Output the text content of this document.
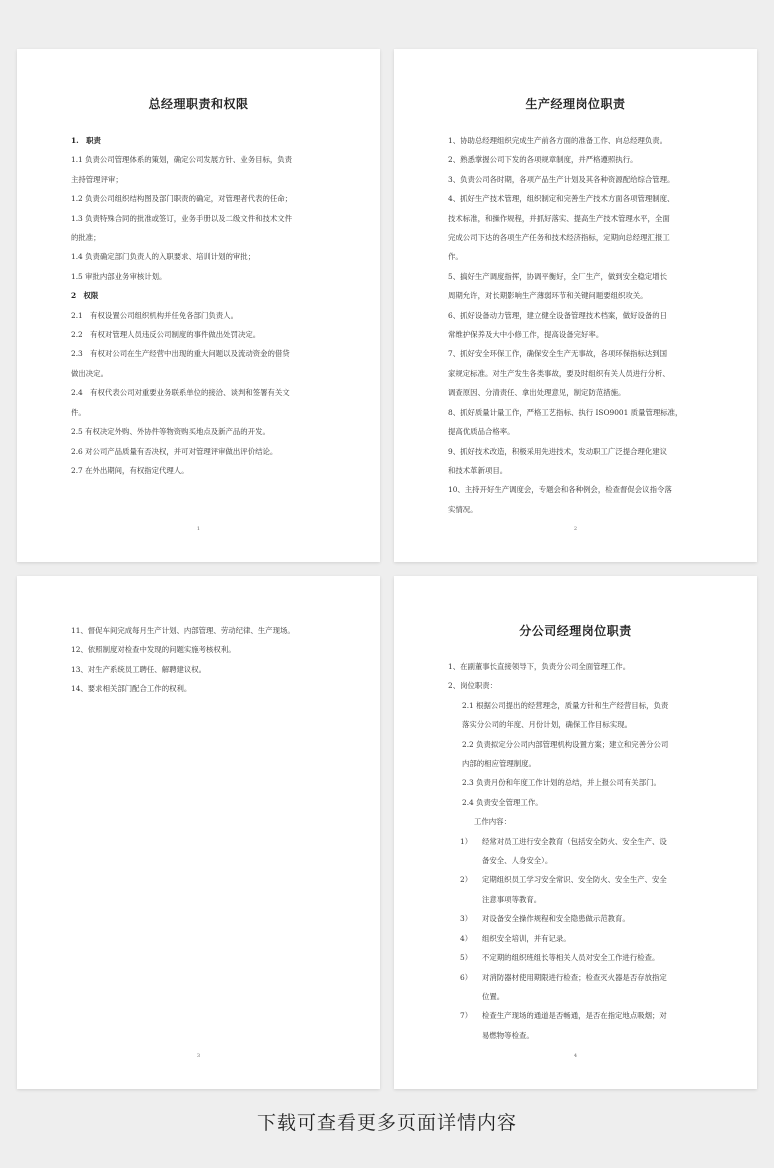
总经理职责和权限

1.　职责

1.1 负责公司管理体系的策划，确定公司发展方针、业务目标，负责

主持管理评审；

1.2 负责公司组织结构图及部门职责的确定，对管理者代表的任命；

1.3 负责特殊合同的批准或签订，业务手册以及二级文件和技术文件

的批准；

1.4 负责确定部门负责人的入职要求、培训计划的审批；

1.5 审批内部业务审核计划。

2　权限

2.1　有权设置公司组织机构并任免各部门负责人。

2.2　有权对管理人员违反公司制度的事件做出处罚决定。

2.3　有权对公司在生产经营中出现的重大问题以及流动资金的借贷

做出决定。

2.4　有权代表公司对重要业务联系单位的接洽、谈判和签署有关文

件。

2.5 有权决定外购、外协件等物资购买地点及新产品的开发。

2.6 对公司产品质量有否决权，并可对管理评审做出评价结论。

2.7 在外出期间，有权指定代理人。

1
生产经理岗位职责

1、协助总经理组织完成生产前各方面的准备工作、向总经理负责。

2、熟悉掌握公司下发的各项规章制度，并严格遵照执行。

3、负责公司各时期，各项产品生产计划及其各种资源配给综合管理。

4、抓好生产技术管理，组织制定和完善生产技术方面各项管理制度、

技术标准，和操作规程，并抓好落实、提高生产技术管理水平，全面

完成公司下达的各项生产任务和技术经济指标，定期向总经理汇报工

作。

5、搞好生产调度指挥，协调平衡好，全厂生产，做到安全稳定增长

周期允许，对长期影响生产薄弱环节和关键问题要组织攻关。

6、抓好设备动力管理，建立健全设备管理技术档案，做好设备的日

常维护保养及大中小修工作，提高设备完好率。

7、抓好安全环保工作，确保安全生产无事故，各项环保指标达到国

家规定标准。对生产发生各类事故，要及时组织有关人员进行分析、

调查原因、分清责任、拿出处理意见，制定防范措施。

8、抓好质量计量工作，严格工艺指标、执行 ISO9001 质量管理标准，

提高优质品合格率。

9、抓好技术改造，积极采用先进技术，发动职工广泛提合理化建议

和技术革新项目。

10、主持开好生产调度会，专题会和各种例会，检查督促会议指令落

实情况。

2

11、督促车间完成每月生产计划、内部管理、劳动纪律、生产现场。

12、依照制度对检查中发现的问题实施考核权利。

13、对生产系统员工聘任、解聘建议权。

14、要求相关部门配合工作的权利。

3
分公司经理岗位职责

1、在副董事长直接领导下，负责分公司全面管理工作。

2、岗位职责：

2.1 根据公司提出的经营理念，质量方针和生产经营目标，负责

落实分公司的年度、月份计划，确保工作目标实现。

2.2 负责拟定分公司内部管理机构设置方案；建立和完善分公司

内部的相应管理制度。

2.3 负责月份和年度工作计划的总结，并上报公司有关部门。

2.4 负责安全管理工作。

工作内容：

1）	经常对员工进行安全教育（包括安全防火、安全生产、设
备安全、人身安全）。
2）	定期组织员工学习安全常识、安全防火、安全生产、安全
注意事项等教育。
3）	对设备安全操作规程和安全隐患做示范教育。
4）	组织安全培训，并有记录。
5）	不定期的组织班组长等相关人员对安全工作进行检查。
6）	对消防器材使用期限进行检查；检查灭火器是否存放指定
位置。
7）	检查生产现场的通道是否畅通，是否在指定地点吸烟；对
易燃物等检查。
4
下载可查看更多页面详情内容
